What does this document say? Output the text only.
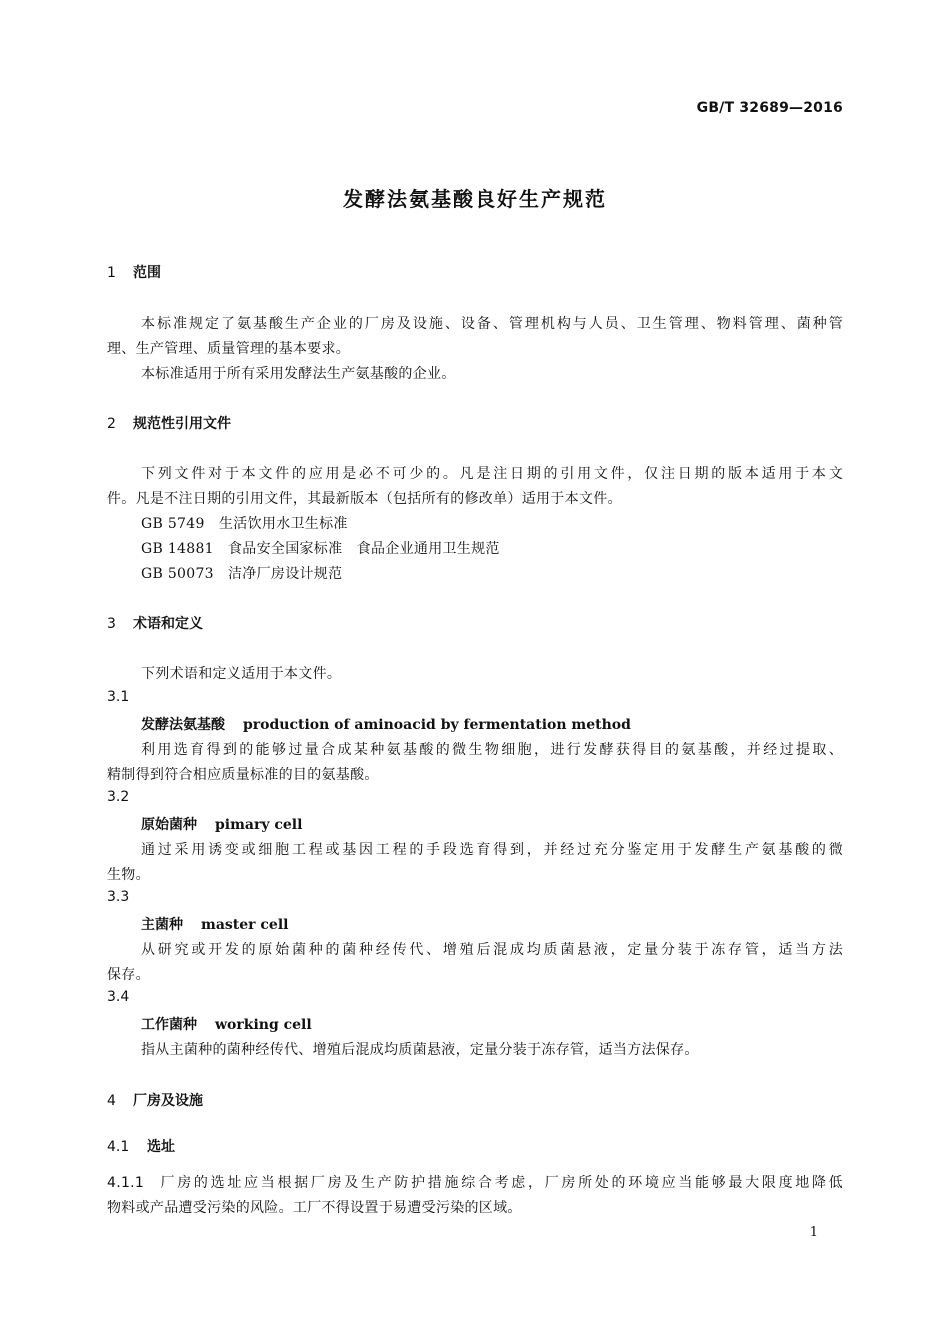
GB/T 32689—2016
发酵法氨基酸良好生产规范
1 范围
本标准规定了氨基酸生产企业的厂房及设施、设备、管理机构与人员、卫生管理、物料管理、菌种管
理、生产管理、质量管理的基本要求。
本标准适用于所有采用发酵法生产氨基酸的企业。
2 规范性引用文件
下列文件对于本文件的应用是必不可少的。凡是注日期的引用文件，仅注日期的版本适用于本文
件。凡是不注日期的引用文件，其最新版本（包括所有的修改单）适用于本文件。
GB 5749 生活饮用水卫生标准
GB 14881 食品安全国家标准　食品企业通用卫生规范
GB 50073 洁净厂房设计规范
3 术语和定义
下列术语和定义适用于本文件。
3.1
发酵法氨基酸 production of aminoacid by fermentation method
利用选育得到的能够过量合成某种氨基酸的微生物细胞，进行发酵获得目的氨基酸，并经过提取、
精制得到符合相应质量标准的目的氨基酸。
3.2
原始菌种 pimary cell
通过采用诱变或细胞工程或基因工程的手段选育得到，并经过充分鉴定用于发酵生产氨基酸的微
生物。
3.3
主菌种 master cell
从研究或开发的原始菌种的菌种经传代、增殖后混成均质菌悬液，定量分装于冻存管，适当方法
保存。
3.4
工作菌种 working cell
指从主菌种的菌种经传代、增殖后混成均质菌悬液，定量分装于冻存管，适当方法保存。
4 厂房及设施
4.1 选址
4.1.1 厂房的选址应当根据厂房及生产防护措施综合考虑，厂房所处的环境应当能够最大限度地降低
物料或产品遭受污染的风险。工厂不得设置于易遭受污染的区域。
1
